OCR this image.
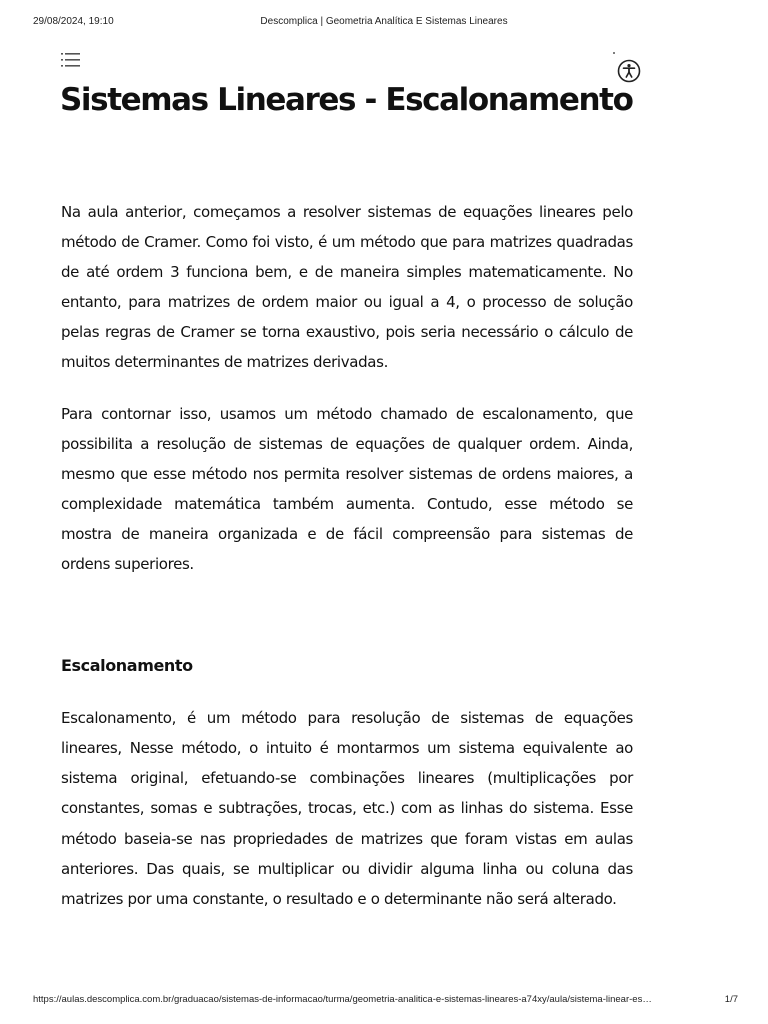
29/08/2024, 19:10	Descomplica | Geometria Analítica E Sistemas Lineares
Sistemas Lineares - Escalonamento

Na aula anterior, começamos a resolver sistemas de equações lineares pelo método de Cramer. Como foi visto, é um método que para matrizes quadradas de até ordem 3 funciona bem, e de maneira simples matematicamente. No entanto, para matrizes de ordem maior ou igual a 4, o processo de solução pelas regras de Cramer se torna exaustivo, pois seria necessário o cálculo de muitos determinantes de matrizes derivadas.

Para contornar isso, usamos um método chamado de escalonamento, que possibilita a resolução de sistemas de equações de qualquer ordem. Ainda, mesmo que esse método nos permita resolver sistemas de ordens maiores, a complexidade matemática também aumenta. Contudo, esse método se mostra de maneira organizada e de fácil compreensão para sistemas de ordens superiores.

Escalonamento

Escalonamento, é um método para resolução de sistemas de equações lineares, Nesse método, o intuito é montarmos um sistema equivalente ao sistema original, efetuando-se combinações lineares (multiplicações por constantes, somas e subtrações, trocas, etc.) com as linhas do sistema. Esse método baseia-se nas propriedades de matrizes que foram vistas em aulas anteriores. Das quais, se multiplicar ou dividir alguma linha ou coluna das matrizes por uma constante, o resultado e o determinante não será alterado.

https://aulas.descomplica.com.br/graduacao/sistemas-de-informacao/turma/geometria-analitica-e-sistemas-lineares-a74xy/aula/sistema-linear-es…	1/7
